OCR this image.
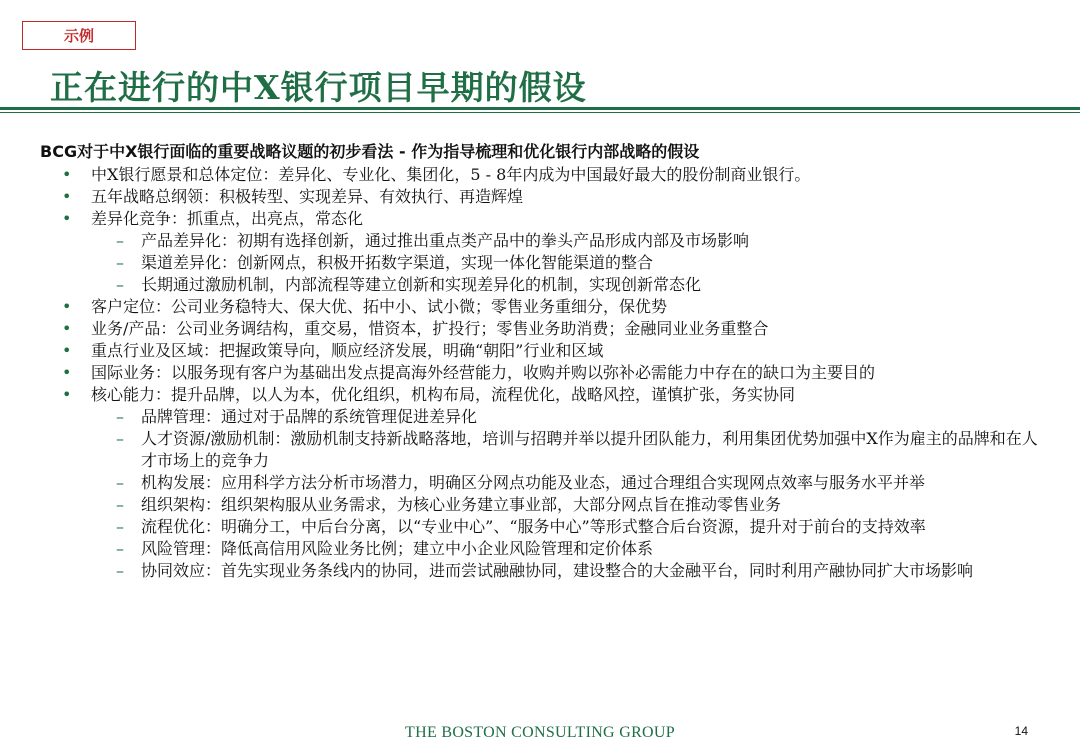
示例
正在进行的中X银行项目早期的假设
BCG对于中X银行面临的重要战略议题的初步看法 - 作为指导梳理和优化银行内部战略的假设
• 中X银行愿景和总体定位：差异化、专业化、集团化，5 - 8年内成为中国最好最大的股份制商业银行。
• 五年战略总纲领：积极转型、实现差异、有效执行、再造辉煌
• 差异化竞争：抓重点，出亮点，常态化
– 产品差异化：初期有选择创新，通过推出重点类产品中的拳头产品形成内部及市场影响
– 渠道差异化：创新网点，积极开拓数字渠道，实现一体化智能渠道的整合
– 长期通过激励机制，内部流程等建立创新和实现差异化的机制，实现创新常态化
• 客户定位：公司业务稳特大、保大优、拓中小、试小微；零售业务重细分，保优势
• 业务/产品：公司业务调结构，重交易，惜资本，扩投行；零售业务助消费；金融同业业务重整合
• 重点行业及区域：把握政策导向，顺应经济发展，明确“朝阳”行业和区域
• 国际业务：以服务现有客户为基础出发点提高海外经营能力，收购并购以弥补必需能力中存在的缺口为主要目的
• 核心能力：提升品牌，以人为本，优化组织，机构布局，流程优化，战略风控，谨慎扩张，务实协同
– 品牌管理：通过对于品牌的系统管理促进差异化
– 人才资源/激励机制：激励机制支持新战略落地，培训与招聘并举以提升团队能力，利用集团优势加强中X作为雇主的品牌和在人才市场上的竞争力
– 机构发展：应用科学方法分析市场潜力，明确区分网点功能及业态，通过合理组合实现网点效率与服务水平并举
– 组织架构：组织架构服从业务需求，为核心业务建立事业部，大部分网点旨在推动零售业务
– 流程优化：明确分工，中后台分离，以“专业中心”、“服务中心”等形式整合后台资源，提升对于前台的支持效率
– 风险管理：降低高信用风险业务比例；建立中小企业风险管理和定价体系
– 协同效应：首先实现业务条线内的协同，进而尝试融融协同，建设整合的大金融平台，同时利用产融协同扩大市场影响
THE BOSTON CONSULTING GROUP	14
